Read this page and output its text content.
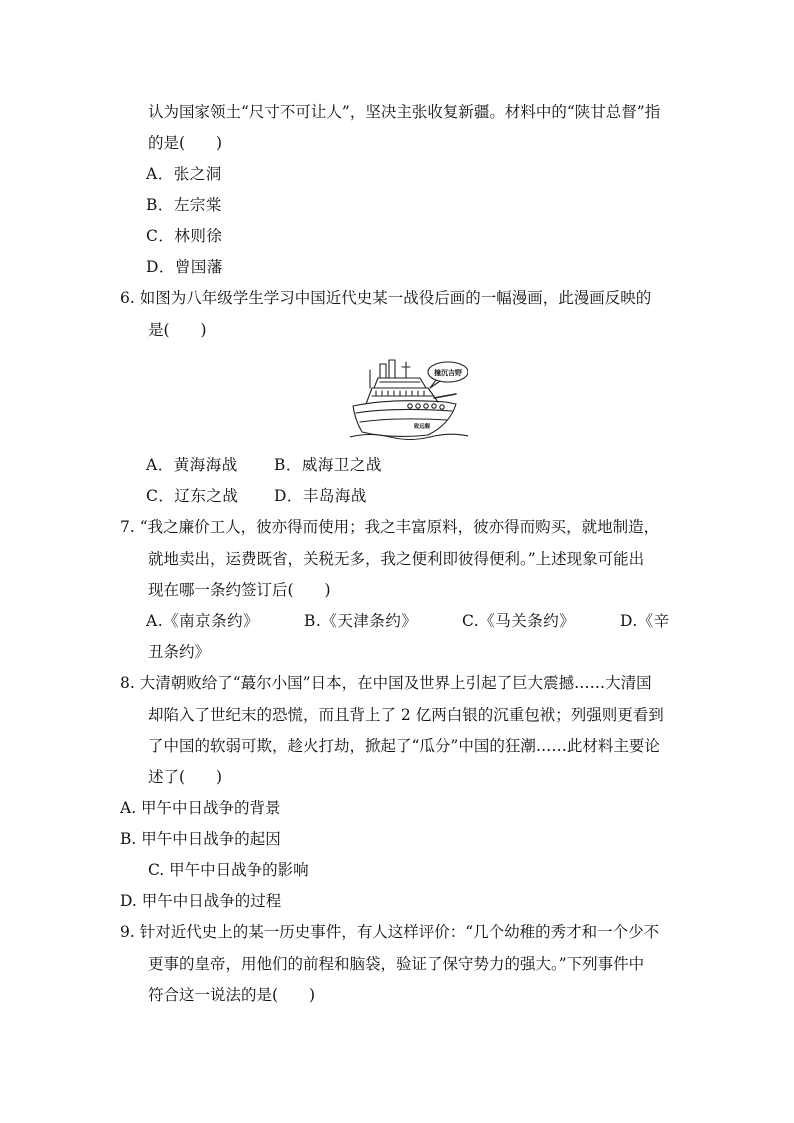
认为国家领土“尺寸不可让人”，坚决主张收复新疆。材料中的“陕甘总督”指
的是(　　)
A．张之洞
B．左宗棠
C．林则徐
D．曾国藩
6. 如图为八年级学生学习中国近代史某一战役后画的一幅漫画，此漫画反映的
是(　　)
撞沉吉野
致远舰
A．黄海海战 B．威海卫之战
C．辽东之战 D．丰岛海战
7. “我之廉价工人，彼亦得而使用；我之丰富原料，彼亦得而购买，就地制造，
就地卖出，运费既省，关税无多，我之便利即彼得便利。”上述现象可能出
现在哪一条约签订后(　　)
A.《南京条约》	B.《天津条约》	C.《马关条约》	D.《辛
丑条约》
8. 大清朝败给了“蕞尔小国”日本，在中国及世界上引起了巨大震撼……大清国
却陷入了世纪末的恐慌，而且背上了 2 亿两白银的沉重包袱；列强则更看到
了中国的软弱可欺，趁火打劫，掀起了“瓜分”中国的狂潮……此材料主要论
述了(　　)
A. 甲午中日战争的背景
B. 甲午中日战争的起因
C. 甲午中日战争的影响
D. 甲午中日战争的过程
9. 针对近代史上的某一历史事件，有人这样评价：“几个幼稚的秀才和一个少不
更事的皇帝，用他们的前程和脑袋，验证了保守势力的强大。”下列事件中
符合这一说法的是(　　)
